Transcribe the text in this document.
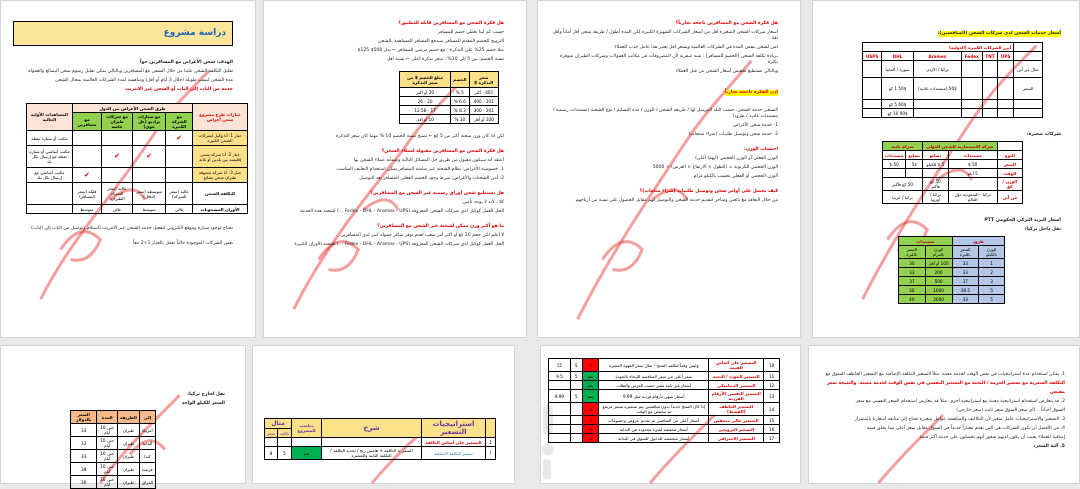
دراسة مشروع
الهدف: شحن الأغراض مع المسافرين جواً
تقليل التكلفة الشحن علينا من خلال الشحن مع المسافرين وبالتالي يمكن تقليل رسوم شحن البضائع والعمولة
مدة الشحن ليست طويلة (خلال 3 أيام أو أقل) ومنافسة لمدة الشركات العالمية بمجال الشحن
خدمة من الباب إلى الباب أو الشحن عبر الانترنت
خيارات طرح مشروع شحن أغراض	طرق الشحن الأغراض بين الدول				المشاهدات الأولية الحالية
	مع الشركة الكبيرة	مع سيارات براديو (عل جوي)	مع شركات طيران خاصة	مع مسافرين	
خيار 1: أنا وكيل لشركات الشحن الكبيرة	✔				مكتب أو سيارة نقطة
خيار 2: أنا شركة شحن إقليمية بين بلدين أو ثلاثة		✔	✔		مكتب أساسي أو سيارة نقطة مع إرسال بكل بلد
خيار 3: أنا شركة مسوقة طيران شحن بضائع				✔	مكتب أساسي مع إرسال بكل بلد
التكلفة الشحن	عالية (سعر الشركة)	متوسطة (سعر الناقل)	عالية (سعر الشركة الطيران)	قليلة (سعر المسافر)	
الأوزان المشحونات	عالي	متوسط	عالي	متوسط	
نحتاج لوجود سيارة وموقع الكتروني لتفعيل خدمة الشحن عبر الانترنت (استلام وتوصيل من الباب إلى الباب)
بعض الشركات الموجودة حالياً تعمل بالخيار 1+2 معاً
هل فكرة الشحن مع المسافرين قابلة للتطبيق؟
حسب كم لينا نعطي خصم للمسافر
الترويج للخصم المقدم للمسافر سيدفع المسافر للمساهمة بالشحن
مثلا خصم 25% على التذكرة : مع خصم مرضي للمسافر ← يدل 500$ 125$
نسبة الخصم: بين 5 إلى 10% : سعر تذكرة أعلى ← نسبة أقل
سعر التذكرة $	الخصم	مبلغ الخصم $ من سعر التذكرة
401 - أكثر	5 %	20 أو أكثر
301 - 400	6.6 %	20 - 26
201 - 300	8.3 %	17 - 12.58
100 أو أقل	10 %	10 أو أقل
لكن اذا كان وزن شحنة أكثر من 5 كغ ← تصبح نسبة الخصم 10 % مهما كان سعر التذكرة
هل فكرة الشحن مع المسافرين مقبولة لعملاء الشحن؟
أعتقد أنه سيكون مقبول من طريق حل المسائل التالية وضمانة عملاء الشحن بها
1. خصوصية الأغراض: نظام الشحنة عبر شاشة المسافر يمكن استخدام التغليف المناسب
2. أمن الشحنات والأغراض: شرط وجود الخصم الفعلي للمسافر بعد التوصيل
هل تستطيع شحن أوراق رسمية عبر الشحن مع المسافرين؟
كلا ، لأنه لا يوجد تأمين
الحل العمل كوكيل لدى شركات الشحن المعروفة (Fedex - DHL - Aramex - UPS ...) لشحنة هذه الخدمة
ما هو أكبر وزن ممكن لشحنة عبر الشحن مع المسافرين؟
لا أعلم لكن حجم 20 كغ أو أكثر أمر صعب لعدم توفر شاغر حمولة كبير لدى المسافرين
الحل العمل كوكيل لدى شركات الشحن المعروفة (Fedex - DHL - Aramex - UPS ...) لشحنة الأوزان الكبيرة
هل فكرة الشحن مع المسافرين ناجحة تجارياً؟
أسعار شركات الشحن الصغيرة أقل من أسعار الشركات الشهيرة الكبيرة لكن المدة أطول / طريقة شحن أقل أماناً وأقل ثقة
لمن لشحن بنفس المدة في الشركات العالمية ويسعر أقل يعتبر هذا عامل جذب للعملاء
بزيادة تكلفة الشحن (الخصم للمسافر) : شبه صفرية لأن المصروفات في مكاتب العمولات وشركات الطيران متوفرة بكثرة
وبالتالي نستطيع تخفيض أسعار الشحن من قبل العملاء
إذن الفكرة ناجحة تجارياً
التسعير خدمة الشحن: حسب البلد المرسل لها / طريقة الشحن / الوزن / مدة التسليم / نوع الشحنة (مستندات رسمية / مستندات عادية / طرود)
1- خدمة شحن الأغراض
2- خدمة شحن وتوصيل طلبيات (شراء منتجات)
احتساب الوزن:
الوزن الفعلي أو الوزن الحجمي (أيهما أعلى)
الوزن الحجمي للكرتونة = (الطول × الارتفاع × العرض) ÷ 5000
الوزن الحجمي أو الفعلي يحسب بالكيلو غرام
كيف نحصل على أوامر شحن وتوصيل طلبيات (شراء منتجات)؟
من خلال التعاقد مع بائعين ومتاجر لتقديم خدمة الشحن والتوصيل لهم مقابل الحصول على نسبة من أرباحهم
أسعار خدمات الشحن لدى شركات الشحن (المنافسين):
	أبرز الشركات الكبيرة (الدولية)					
	UPS	TNT	Fedex	Aramex	DHL	USPS
مثال من أين				تركيا / الأردن	سوريا / ألمانيا	
السعر				50$ (مستندات عادية)	50$ 1 كغ	
					60$ 5 كغ	
					90$ 10 كغ	
شركات صغيرة:
	شركة الاستثمارية للشحن الدولي		شركة ثانية	
النوع	مستندات	بضائع	بضائع	مستندات
السعر	50 $	5 $ للكيلو	5$	50 $
الوقت	5 أيام			
الوزن / كغ		50 كغ فأكثر	50 كغ فأكثر	
من أين	تركيا - السعودية دول العالم	تركيا / أوروبا	تركيا / عربيا	
أسعار البريد التركي الحكومي PTT
نقل داخل تركيا:
طرود		مستندات	
الوزن بالكيلو	السعر بالليرة	الوزن بالغرام	السعر بالليرة
1	33	100 أو أقل	30
2	33	200	33
3	37	500	37
5	38.5	1000	38
5	33	2000	40
نقل لخارج تركيا:
السعر للكيلو الواحد
إلى	الطريقة	المدة	السعر بالدولار
أمريكا	طيران	حتى 10 أيام	33
ألمانيا	طيران	حتى 10 أيام	33
كندا	طيران	حتى 10 أيام	33
فرنسا	طيران	حتى 10 أيام	38
العراق	طيران	حتى 10 أيام	30
	استراتيجيات التسعير	شرح	مناسب للمشروع	مثال	
				تكلفة	سعر
1	التسعير على أساس التكلفة				
أ	تسعير التكلفة الإضافية	السعر = التكلفة + هامش ربح / تحديد التكلفة / التكلفة الثابتة والمتغيرة	نعم	5	8
10	التسعير على أساس القيمة	وليس وفقاً لتكلفة المنتج - مثال سعر القهوة المميزة	لا	5	15
11	التسعير الجودة / النخبة	سعر أعلى من سعر المنافسة للإيحاء بالجودة	نعم	5	9.5
12	التسعير الديناميكي	أسعار غير ثابتة تتغير حسب العرض والطلب	نعم		
13	التسعير النفسي الأرقام الفردية	أسعار تنتهي بأرقام فردية مثل 9.99	نعم	5	9.99
14	التسعير الخاطف (القشط)	إذا كان المنتج جديداً بدون منافسين يتم تسعيره بسعر مرتفع ثم ينخفض مع الوقت	لا		
15	التسعير عالي منخفض	أسعار أعلى من المنافس ثم تقديم عروض وخصومات	لا		
16	التسعير الترويجي	أسعار مخفضة لفترة محدودة في البداية	لا		
17	التسعير الاختراقي	أسعار منخفضة للدخول للسوق في البداية	لا		
1. يمكن استخدام عدة استراتيجيات في نفس الوقت لخدمة معينة. مثلاً التسعير للتكلفة الإضافية مع التسعير الخاطف للسوق مع
التكلفة السعرية مع تسعير الحزمة / النخبة مع التسعير النفسي في نفس الوقت لخدمة معينة. والنتيجة سعر
مقنعي
2. قد يتعارض استخدام استراتيجية معينة مع استراتيجية أخرى. مثلاً قد يتعارض استخدام السعر النفسي مع سعر
السوق أحياناً .. (أي سعر السوق سعر ثابت (سعر خارجي)
3. التسعير والاستراتيجيات عامل متغير لأن التكاليف والمنافسة عوامل متغيرة تحتاج إلى متابعة أسعارنا باستمرار
4. من الأفضل أن تكون الشركات هي التي تقدم معياراً جديداً في السوق مقابل سعر أعلى مما يخلق قيمة
إضافية للعملاء بحيث أن يكون لديهم شعور أنهم يحصلون على خدمة أكثر قيمة
5. آلية السعر:
